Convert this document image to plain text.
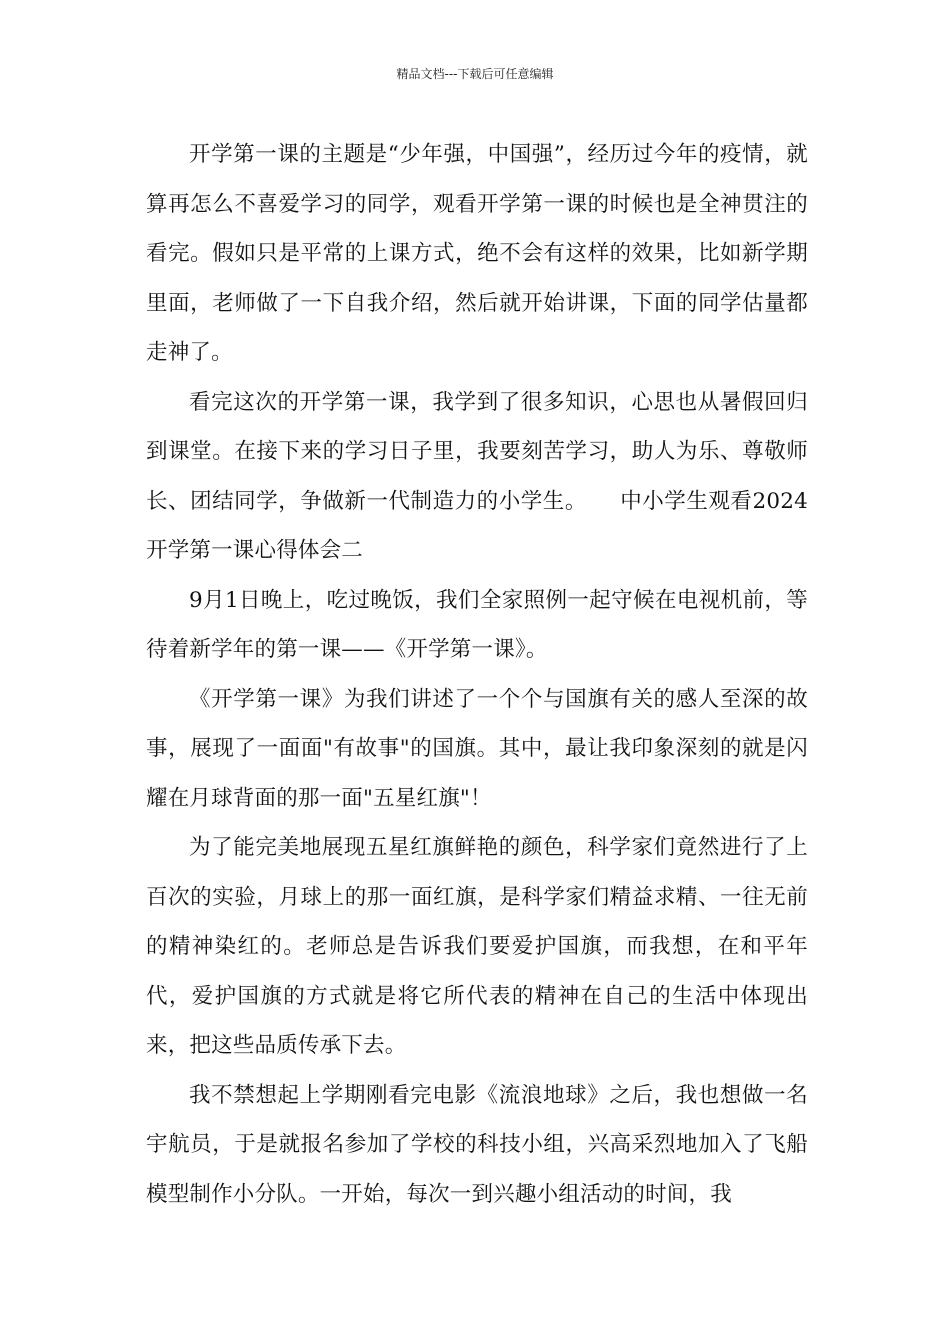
精品文档---下载后可任意编辑

开学第一课的主题是“少年强，中国强”，经历过今年的疫情，就算再怎么不喜爱学习的同学，观看开学第一课的时候也是全神贯注的看完。假如只是平常的上课方式，绝不会有这样的效果，比如新学期里面，老师做了一下自我介绍，然后就开始讲课，下面的同学估量都走神了。

看完这次的开学第一课，我学到了很多知识，心思也从暑假回归到课堂。在接下来的学习日子里，我要刻苦学习，助人为乐、尊敬师长、团结同学，争做新一代制造力的小学生。　　中小学生观看2024开学第一课心得体会二

9月1日晚上，吃过晚饭，我们全家照例一起守候在电视机前，等待着新学年的第一课——《开学第一课》。

《开学第一课》为我们讲述了一个个与国旗有关的感人至深的故事，展现了一面面"有故事"的国旗。其中，最让我印象深刻的就是闪耀在月球背面的那一面"五星红旗"！

为了能完美地展现五星红旗鲜艳的颜色，科学家们竟然进行了上百次的实验，月球上的那一面红旗，是科学家们精益求精、一往无前的精神染红的。老师总是告诉我们要爱护国旗，而我想，在和平年代，爱护国旗的方式就是将它所代表的精神在自己的生活中体现出来，把这些品质传承下去。

我不禁想起上学期刚看完电影《流浪地球》之后，我也想做一名宇航员，于是就报名参加了学校的科技小组，兴高采烈地加入了飞船模型制作小分队。一开始，每次一到兴趣小组活动的时间，我
